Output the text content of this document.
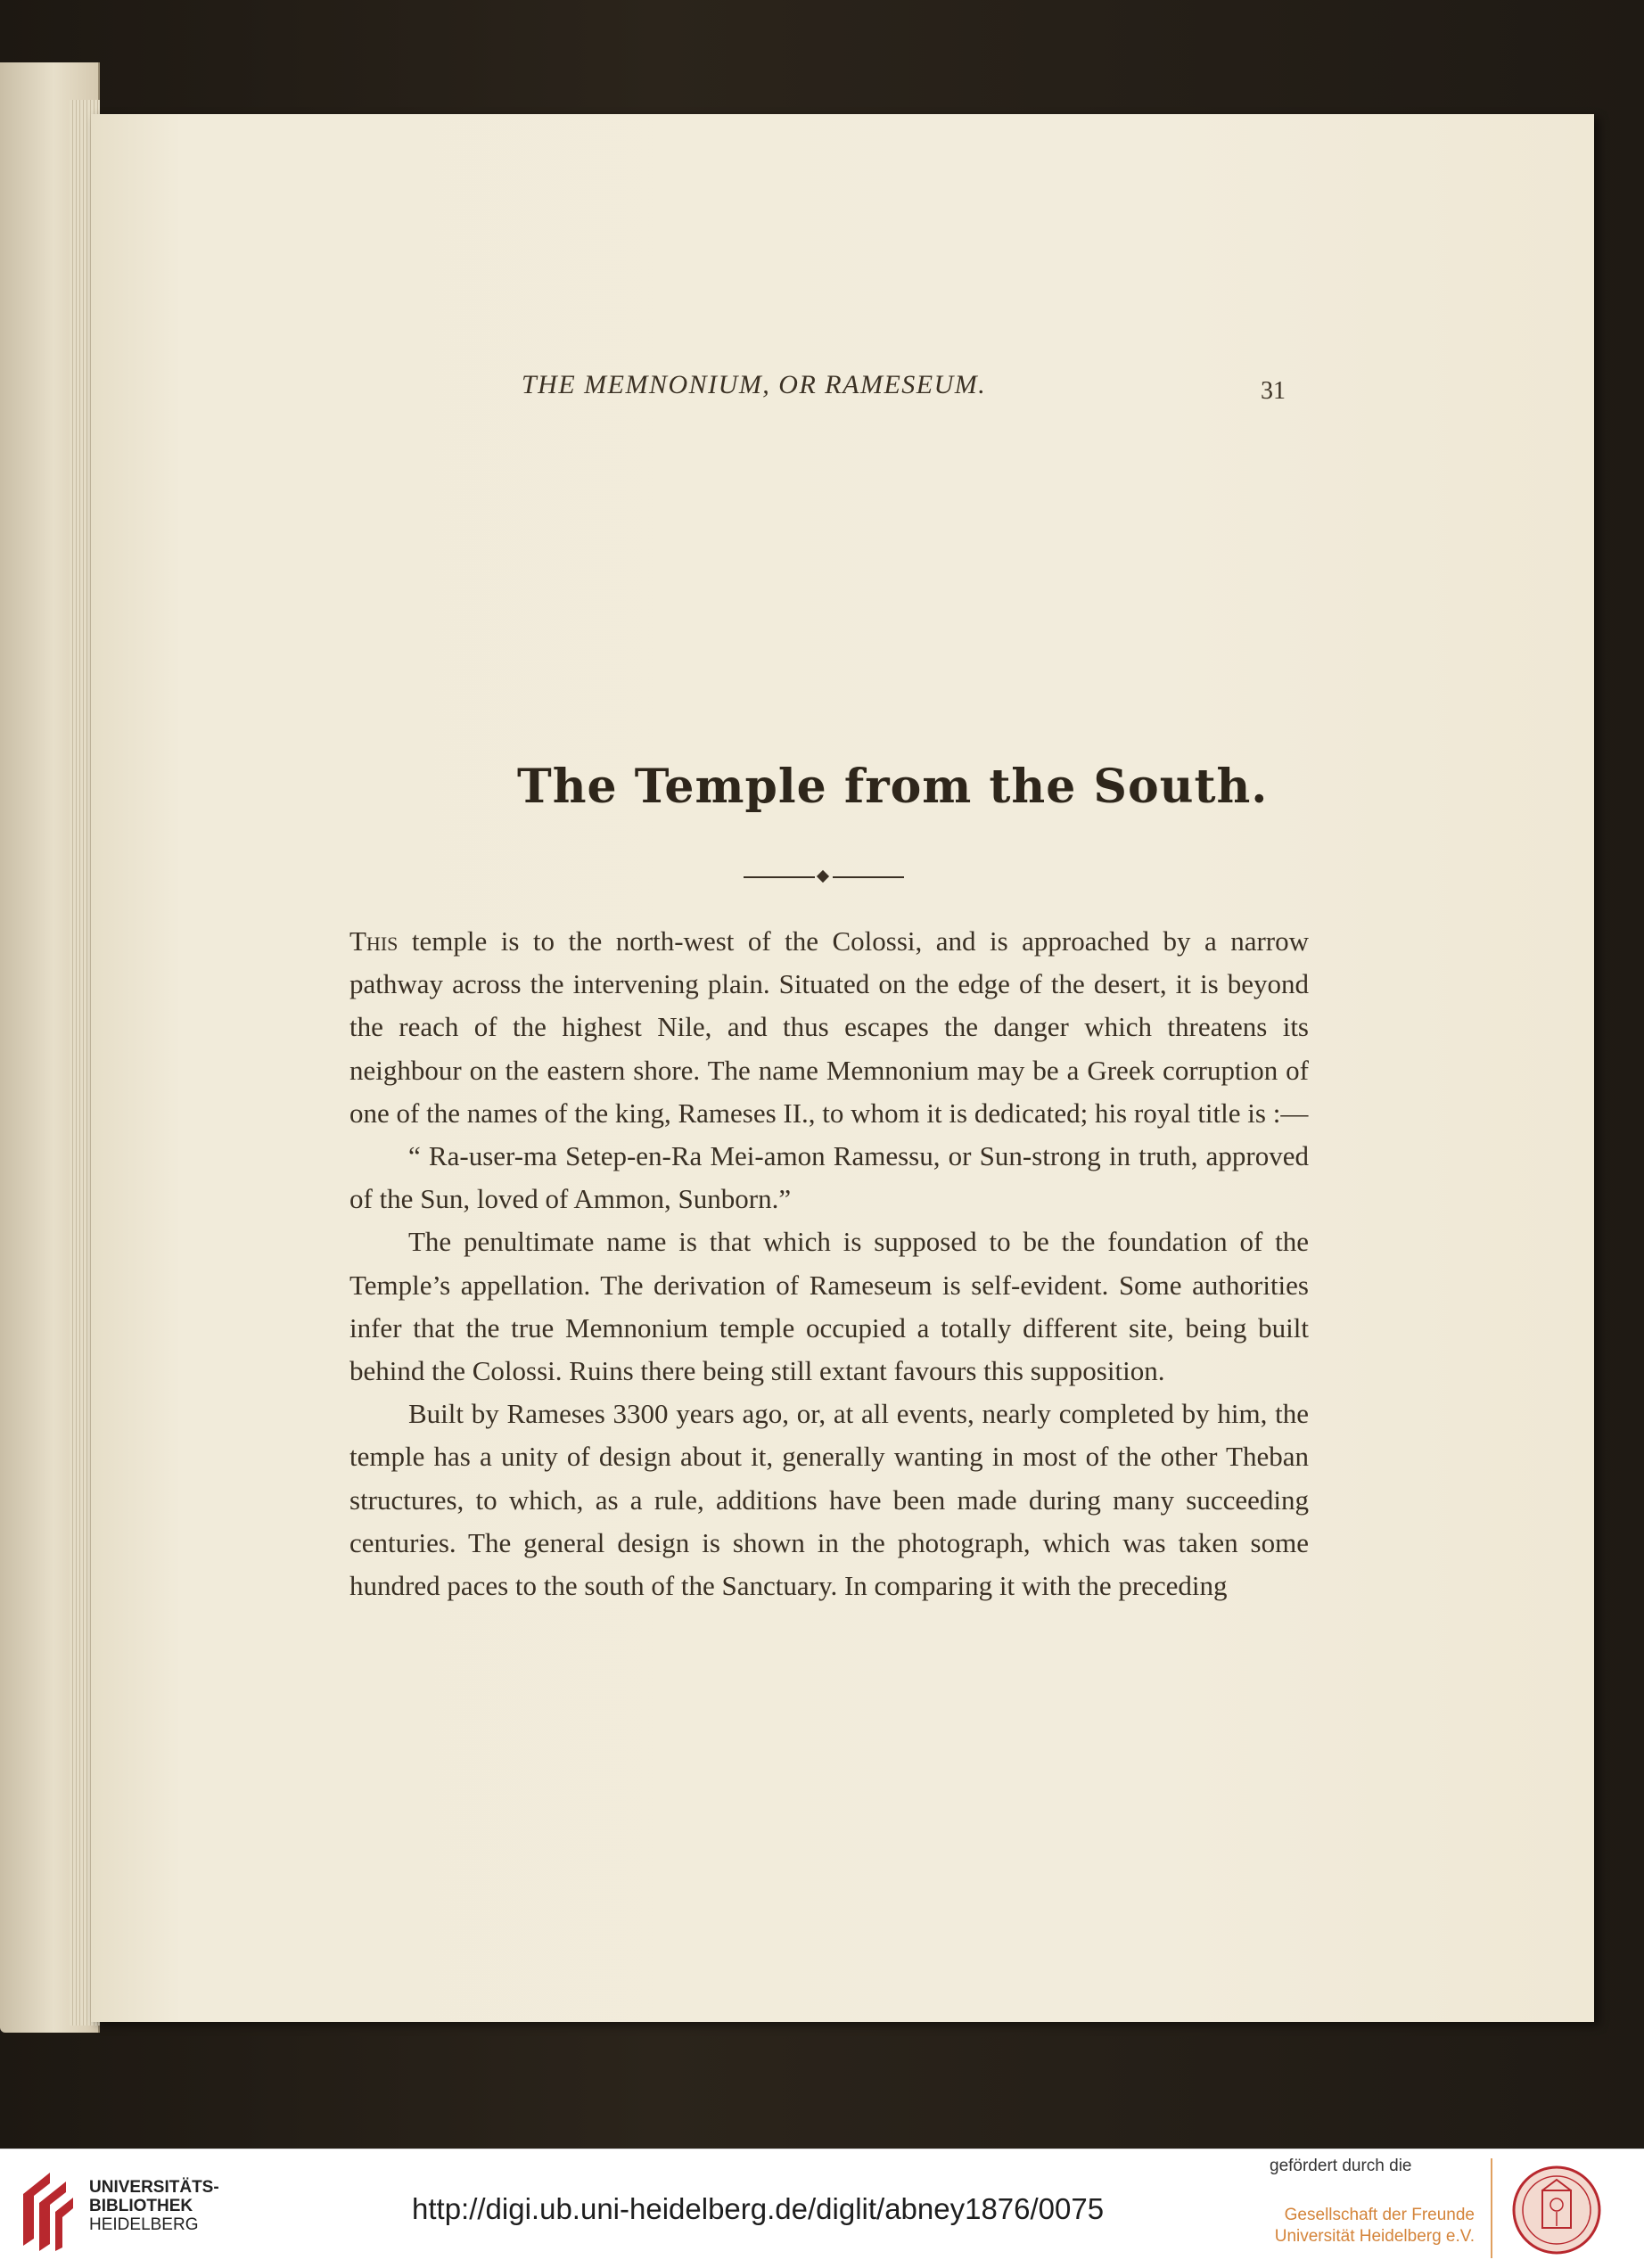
THE MEMNONIUM, OR RAMESEUM.	31
The Temple from the South.

This temple is to the north-west of the Colossi, and is approached by a narrow pathway across the intervening plain. Situated on the edge of the desert, it is beyond the reach of the highest Nile, and thus escapes the danger which threatens its neighbour on the eastern shore. The name Memnonium may be a Greek corruption of one of the names of the king, Rameses II., to whom it is dedicated; his royal title is :—

“ Ra-user-ma Setep-en-Ra Mei-amon Ramessu, or Sun-strong in truth, approved of the Sun, loved of Ammon, Sunborn.”

The penultimate name is that which is supposed to be the foundation of the Temple’s appellation. The derivation of Rameseum is self-evident. Some authorities infer that the true Memnonium temple occupied a totally different site, being built behind the Colossi. Ruins there being still extant favours this supposition.

Built by Rameses 3300 years ago, or, at all events, nearly completed by him, the temple has a unity of design about it, generally wanting in most of the other Theban structures, to which, as a rule, additions have been made during many succeeding centuries. The general design is shown in the photograph, which was taken some hundred paces to the south of the Sanctuary. In comparing it with the preceding

UNIVERSITÄTS-
BIBLIOTHEK
HEIDELBERG	http://digi.ub.uni-heidelberg.de/diglit/abney1876/0075
gefördert durch die
Gesellschaft der Freunde
Universität Heidelberg e.V.
